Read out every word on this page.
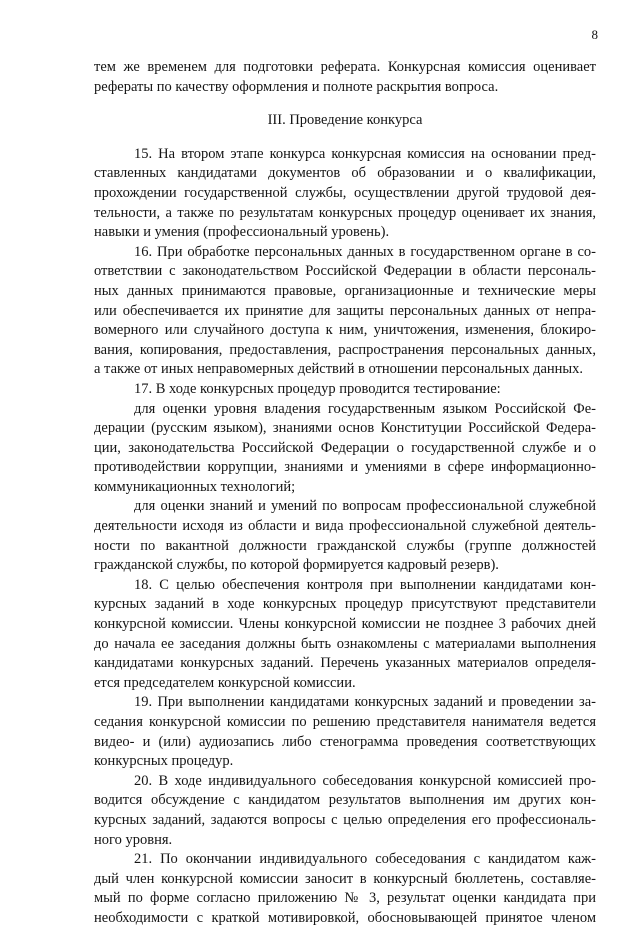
8
тем же временем для подготовки реферата. Конкурсная комиссия оценивает
рефераты по качеству оформления и полноте раскрытия вопроса.
III. Проведение конкурса
15. На втором этапе конкурса конкурсная комиссия на основании пред-
ставленных кандидатами документов об образовании и о квалификации,
прохождении государственной службы, осуществлении другой трудовой дея-
тельности, а также по результатам конкурсных процедур оценивает их знания,
навыки и умения (профессиональный уровень).
16. При обработке персональных данных в государственном органе в со-
ответствии с законодательством Российской Федерации в области персональ-
ных данных принимаются правовые, организационные и технические меры
или обеспечивается их принятие для защиты персональных данных от непра-
вомерного или случайного доступа к ним, уничтожения, изменения, блокиро-
вания, копирования, предоставления, распространения персональных данных,
а также от иных неправомерных действий в отношении персональных данных.
17. В ходе конкурсных процедур проводится тестирование:
для оценки уровня владения государственным языком Российской Фе-
дерации (русским языком), знаниями основ Конституции Российской Федера-
ции, законодательства Российской Федерации о государственной службе и о
противодействии коррупции, знаниями и умениями в сфере информационно-
коммуникационных технологий;
для оценки знаний и умений по вопросам профессиональной служебной
деятельности исходя из области и вида профессиональной служебной деятель-
ности по вакантной должности гражданской службы (группе должностей
гражданской службы, по которой формируется кадровый резерв).
18. С целью обеспечения контроля при выполнении кандидатами кон-
курсных заданий в ходе конкурсных процедур присутствуют представители
конкурсной комиссии. Члены конкурсной комиссии не позднее 3 рабочих дней
до начала ее заседания должны быть ознакомлены с материалами выполнения
кандидатами конкурсных заданий. Перечень указанных материалов определя-
ется председателем конкурсной комиссии.
19. При выполнении кандидатами конкурсных заданий и проведении за-
седания конкурсной комиссии по решению представителя нанимателя ведется
видео- и (или) аудиозапись либо стенограмма проведения соответствующих
конкурсных процедур.
20. В ходе индивидуального собеседования конкурсной комиссией про-
водится обсуждение с кандидатом результатов выполнения им других кон-
курсных заданий, задаются вопросы с целью определения его профессиональ-
ного уровня.
21. По окончании индивидуального собеседования с кандидатом каж-
дый член конкурсной комиссии заносит в конкурсный бюллетень, составляе-
мый по форме согласно приложению № 3, результат оценки кандидата при
необходимости с краткой мотивировкой, обосновывающей принятое членом
